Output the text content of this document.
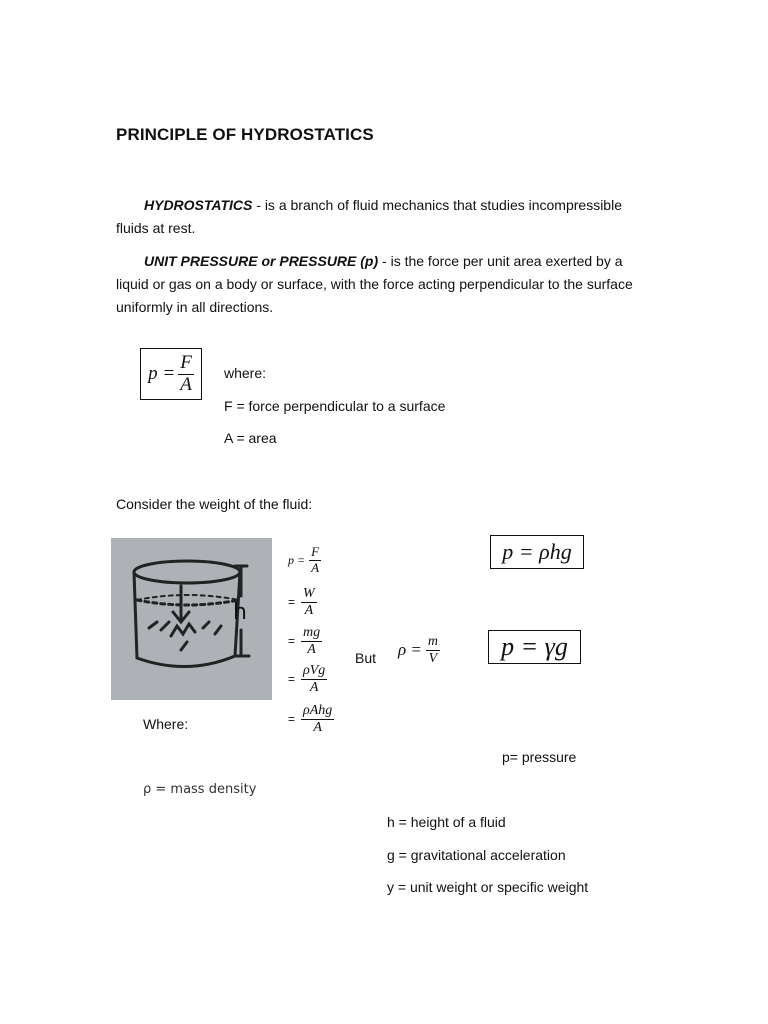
PRINCIPLE OF HYDROSTATICS
HYDROSTATICS - is a branch of fluid mechanics that studies incompressible
fluids at rest.
UNIT PRESSURE or PRESSURE (p) - is the force per unit area exerted by a
liquid or gas on a body or surface, with the force acting perpendicular to the surface
uniformly in all directions.
$p = \frac{F}{A}$ where:
F = force perpendicular to a surface
A = area
Consider the weight of the fluid:
h
$p = \frac{F}{A}$
= $\frac{W}{A}$
= $\frac{mg}{A}$
= $\frac{\text{ρVg}}{A}$
= $\frac{\text{ρAhg}}{A}$
But $\rho = \frac{m}{V}$
p = ρhg
p = γg
Where:
p= pressure
ρ = mass density
h = height of a fluid
g = gravitational acceleration
y = unit weight or specific weight
